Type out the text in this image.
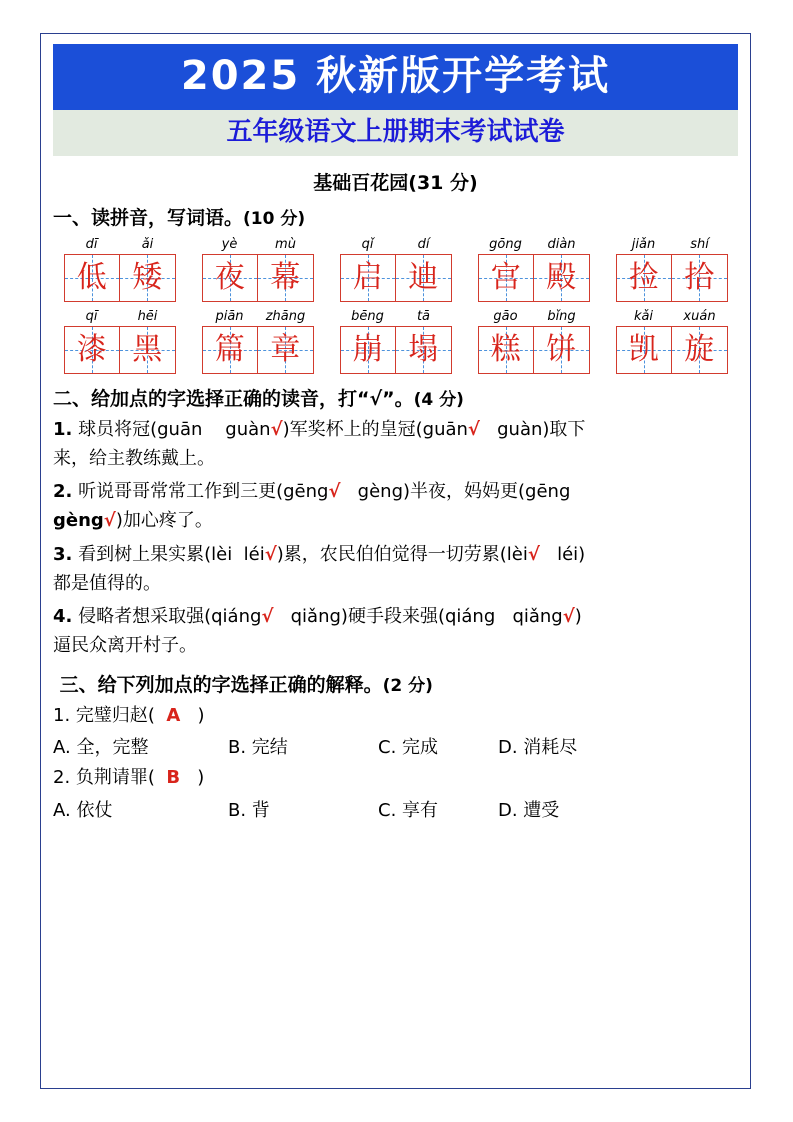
2025 秋新版开学考试
五年级语文上册期末考试试卷
基础百花园(31 分)
一、读拼音，写词语。(10 分)
dī	ǎi
低 矮
yè	mù
夜 幕
qǐ	dí
启 迪
gōng	diàn
宫 殿
jiǎn	shí
捡 拾
qī	hēi
漆 黑
piān	zhāng
篇 章
bēng	tā
崩 塌
gāo	bǐng
糕 饼
kǎi	xuán
凯 旋
二、给加点的字选择正确的读音，打“√”。(4 分)
1. 球员将冠(guān guàn√)军奖杯上的皇冠(guān√ guàn)取下
来，给主教练戴上。
2. 听说哥哥常常工作到三更(gēng√ gèng)半夜，妈妈更(gēng
gèng√)加心疼了。
3. 看到树上果实累(lèi léi√)累，农民伯伯觉得一切劳累(lèi√ léi)
都是值得的。
4. 侵略者想采取强(qiáng√ qiǎng)硬手段来强(qiáng qiǎng√)
逼民众离开村子。
三、给下列加点的字选择正确的解释。(2 分)
1. 完璧归赵( A )
A. 全，完整	B. 完结	C. 完成	D. 消耗尽
2. 负荆请罪( B )
A. 依仗	B. 背	C. 享有	D. 遭受
